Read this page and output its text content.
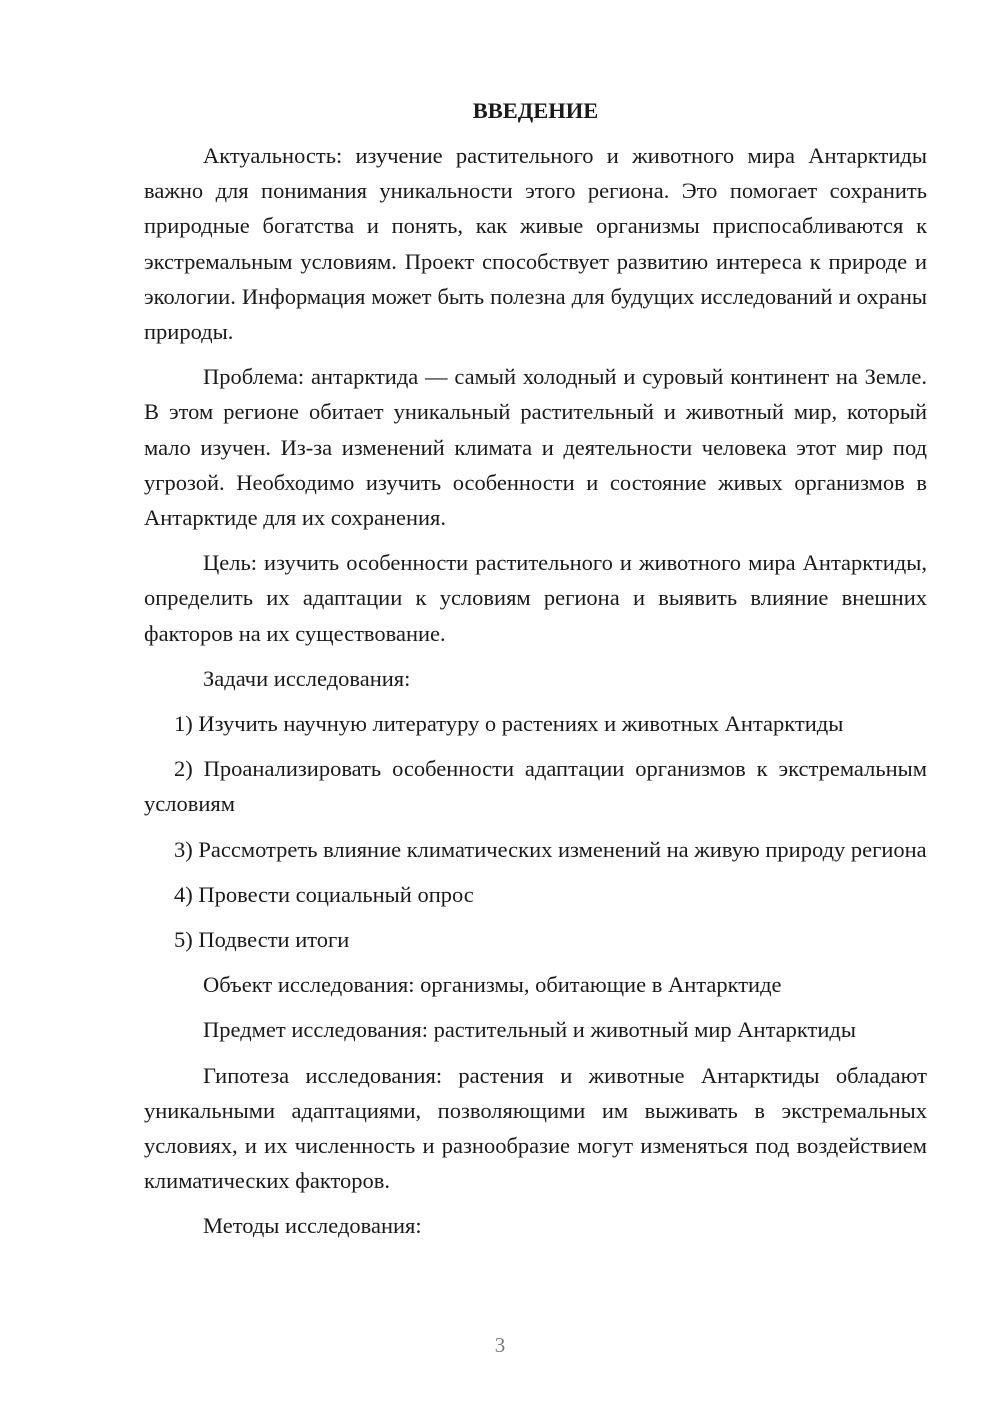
ВВЕДЕНИЕ

Актуальность: изучение растительного и животного мира Антарктиды важно для понимания уникальности этого региона. Это помогает сохранить природные богатства и понять, как живые организмы приспосабливаются к экстремальным условиям. Проект способствует развитию интереса к природе и экологии. Информация может быть полезна для будущих исследований и охраны природы.

Проблема: антарктида — самый холодный и суровый континент на Земле. В этом регионе обитает уникальный растительный и животный мир, который мало изучен. Из-за изменений климата и деятельности человека этот мир под угрозой. Необходимо изучить особенности и состояние живых организмов в Антарктиде для их сохранения.

Цель: изучить особенности растительного и животного мира Антарктиды, определить их адаптации к условиям региона и выявить влияние внешних факторов на их существование.

Задачи исследования:

1) Изучить научную литературу о растениях и животных Антарктиды

2) Проанализировать особенности адаптации организмов к экстремальным условиям

3) Рассмотреть влияние климатических изменений на живую природу региона

4) Провести социальный опрос

5) Подвести итоги

Объект исследования: организмы, обитающие в Антарктиде

Предмет исследования: растительный и животный мир Антарктиды

Гипотеза исследования: растения и животные Антарктиды обладают уникальными адаптациями, позволяющими им выживать в экстремальных условиях, и их численность и разнообразие могут изменяться под воздействием климатических факторов.

Методы исследования:

3
